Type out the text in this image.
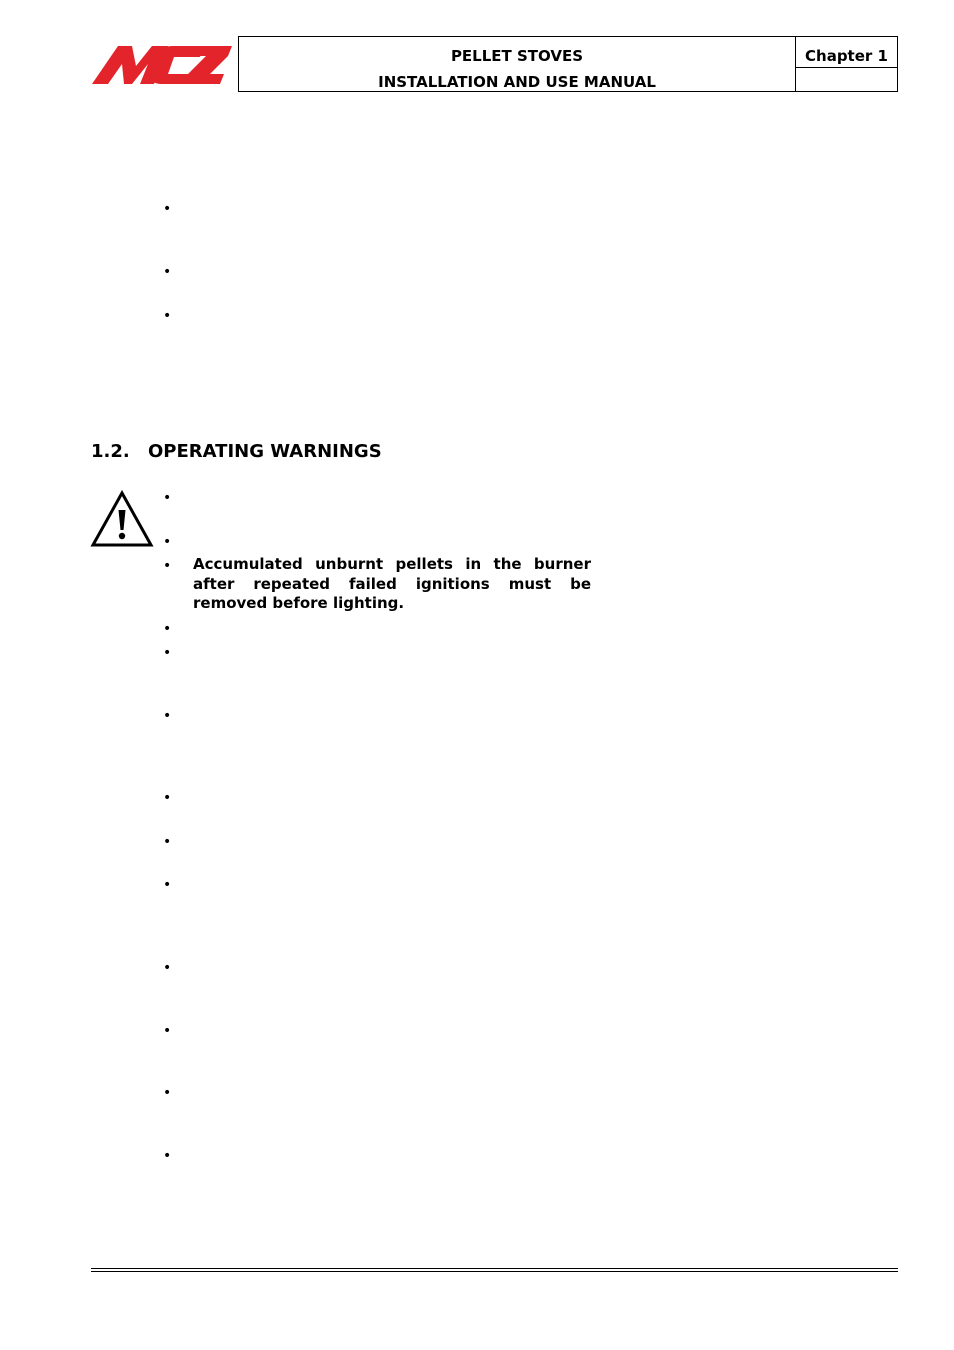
PELLET STOVES
INSTALLATION AND USE MANUAL
Chapter 1
•
•
•
1.2. OPERATING WARNINGS
•
•
• Accumulated unburnt pellets in the burner after repeated failed ignitions must be removed before lighting.
•
•
•
•
•
•
•
•
•
•
